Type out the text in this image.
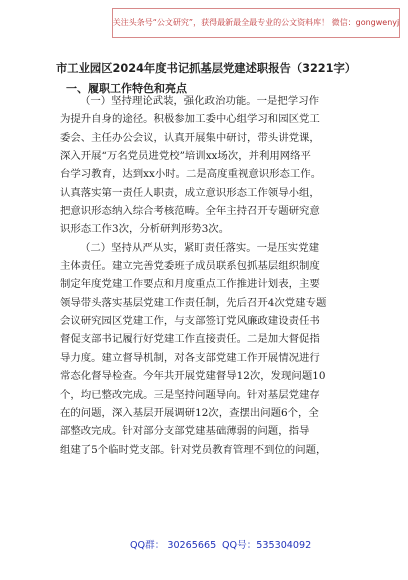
关注头条号“公文研究”，获得最新最全最专业的公文资料库！ 微信：gongwenyj
市工业园区2024年度书记抓基层党建述职报告（3221字）
一、履职工作特色和亮点
（一）坚持理论武装，强化政治功能。一是把学习作
为提升自身的途径。积极参加工委中心组学习和园区党工
委会、主任办公会议，认真开展集中研讨，带头讲党课，
深入开展“万名党员进党校”培训xx场次，并利用网络平
台学习教育，达到xx小时。二是高度重视意识形态工作。
认真落实第一责任人职责，成立意识形态工作领导小组，
把意识形态纳入综合考核范畴。全年主持召开专题研究意
识形态工作3次，分析研判形势3次。
（二）坚持从严从实，紧盯责任落实。一是压实党建
主体责任。建立完善党委班子成员联系包抓基层组织制度
制定年度党建工作要点和月度重点工作推进计划表，主要
领导带头落实基层党建工作责任制，先后召开4次党建专题
会议研究园区党建工作，与支部签订党风廉政建设责任书
督促支部书记履行好党建工作直接责任。二是加大督促指
导力度。建立督导机制，对各支部党建工作开展情况进行
常态化督导检查。今年共开展党建督导12次，发现问题10
个，均已整改完成。三是坚持问题导向。针对基层党建存
在的问题，深入基层开展调研12次，查摆出问题6个，全
部整改完成。针对部分支部党建基础薄弱的问题，指导
组建了5个临时党支部。针对党员教育管理不到位的问题，
QQ群： 30265665 QQ号：535304092
